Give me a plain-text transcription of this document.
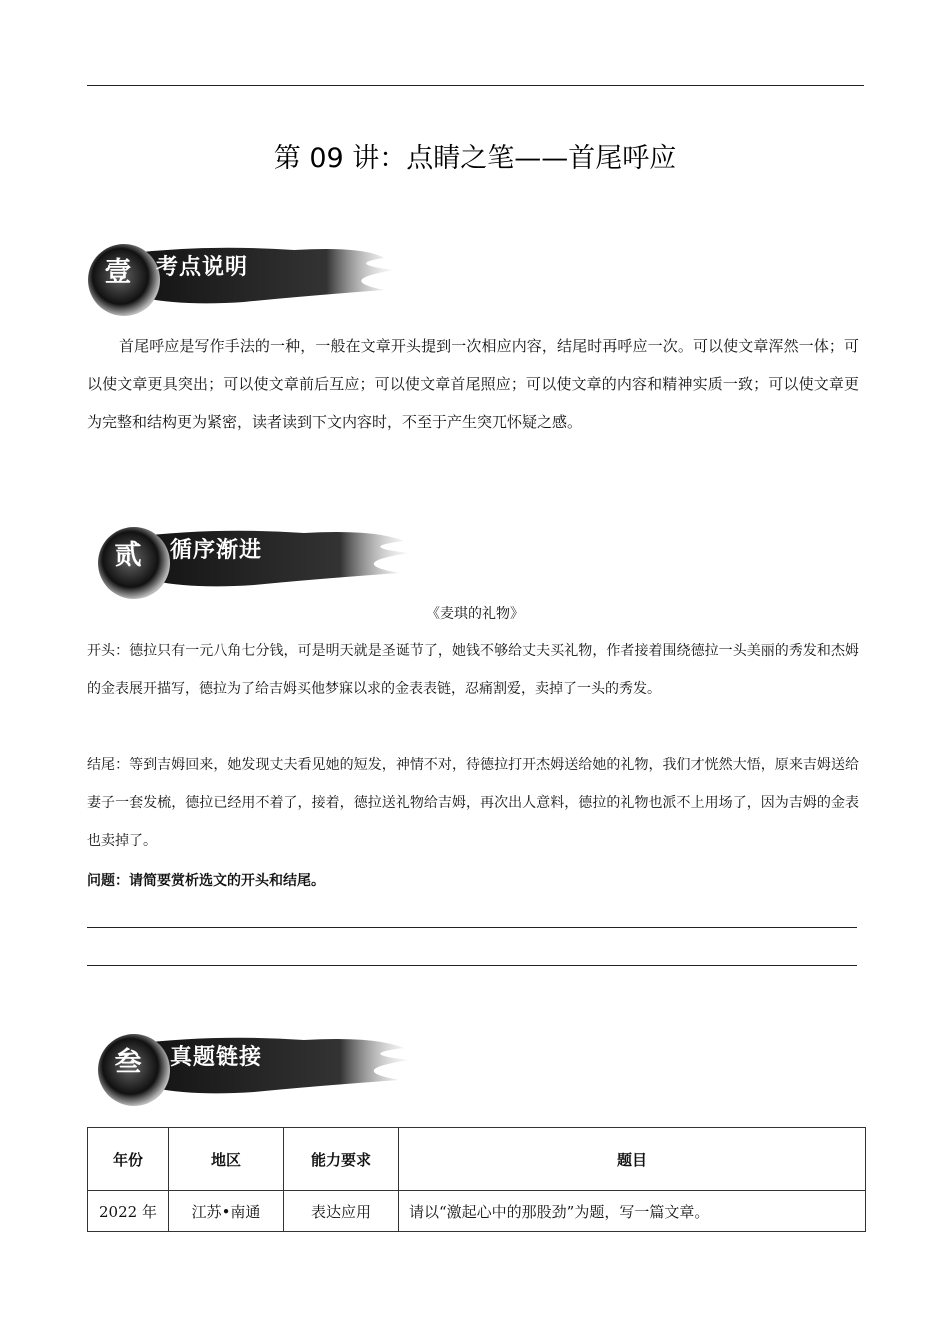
第 09 讲：点睛之笔——首尾呼应
壹	考点说明
首尾呼应是写作手法的一种，一般在文章开头提到一次相应内容，结尾时再呼应一次。可以使文章浑然一体；可以使文章更具突出；可以使文章前后互应；可以使文章首尾照应；可以使文章的内容和精神实质一致；可以使文章更为完整和结构更为紧密，读者读到下文内容时，不至于产生突兀怀疑之感。
贰	循序渐进
《麦琪的礼物》
开头：德拉只有一元八角七分钱，可是明天就是圣诞节了，她钱不够给丈夫买礼物，作者接着围绕德拉一头美丽的秀发和杰姆的金表展开描写，德拉为了给吉姆买他梦寐以求的金表表链，忍痛割爱，卖掉了一头的秀发。
结尾：等到吉姆回来，她发现丈夫看见她的短发，神情不对，待德拉打开杰姆送给她的礼物，我们才恍然大悟，原来吉姆送给妻子一套发梳，德拉已经用不着了，接着，德拉送礼物给吉姆，再次出人意料，德拉的礼物也派不上用场了，因为吉姆的金表也卖掉了。
问题：请简要赏析选文的开头和结尾。
叁	真题链接
年份	地区	能力要求	题目
2022 年	江苏•南通	表达应用	请以“激起心中的那股劲”为题，写一篇文章。
